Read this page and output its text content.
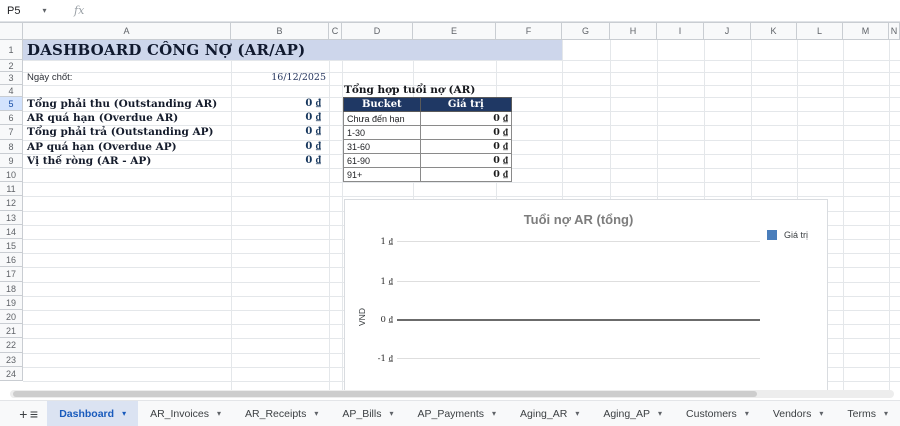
P5	▾	fx
A	B	C	D	E	F	G	H	I	J	K	L	M	N
1
2
3
4
5
6
7
8
9
10
11
12
13
14
15
16
17
18
19
20
21
22
23
24
DASHBOARD CÔNG NỢ (AR/AP)
Ngày chốt:	16/12/2025
Tổng phải thu (Outstanding AR)	0 ₫
AR quá hạn (Overdue AR)	0 ₫
Tổng phải trả (Outstanding AP)	0 ₫
AP quá hạn (Overdue AP)	0 ₫
Vị thế ròng (AR - AP)	0 ₫
Tổng hợp tuổi nợ (AR)
Bucket	Giá trị
Chưa đến hạn	0 ₫
1-30	0 ₫
31-60	0 ₫
61-90	0 ₫
91+	0 ₫
Tuổi nợ AR (tổng)
Giá trị
VND
1 ₫
1 ₫
0 ₫
-1 ₫
+ ≡ Dashboard ▾ AR_Invoices ▾ AR_Receipts ▾ AP_Bills ▾ AP_Payments ▾ Aging_AR ▾ Aging_AP ▾ Customers ▾ Vendors ▾ Terms ▾
